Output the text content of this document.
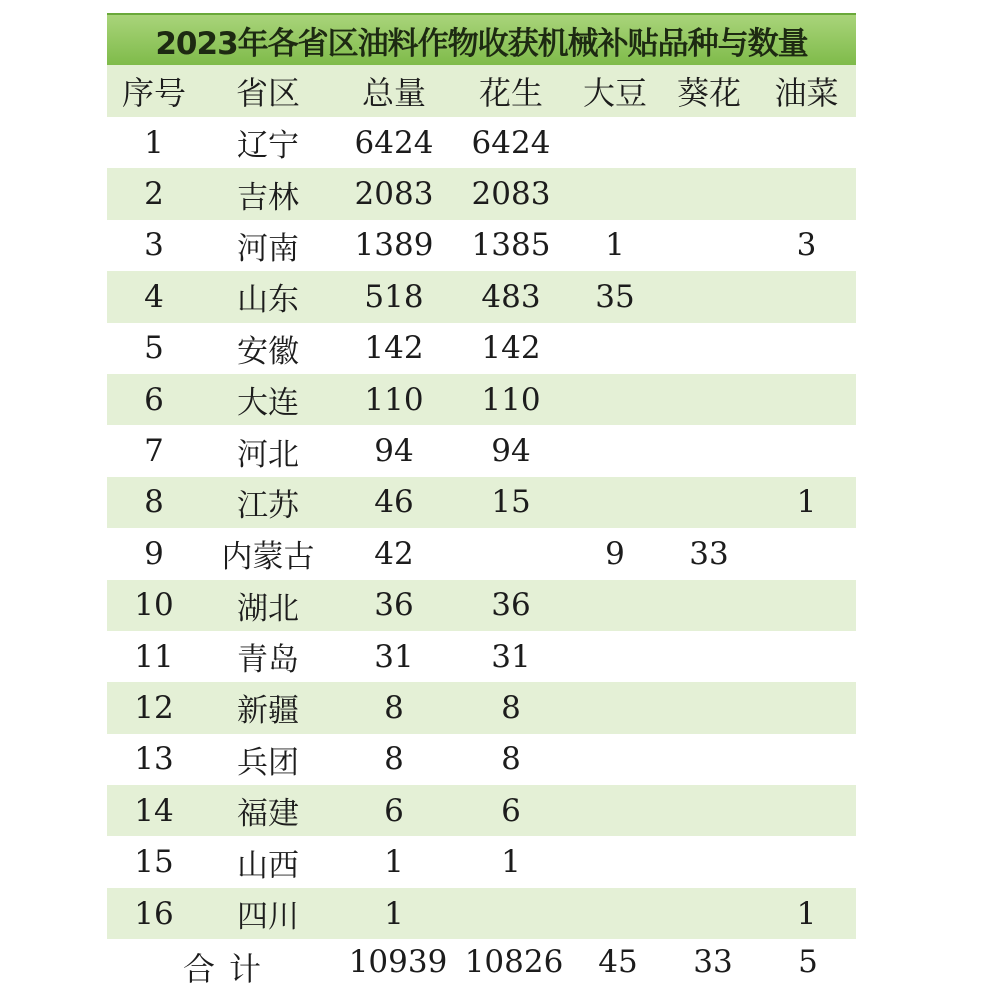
2023年各省区油料作物收获机械补贴品种与数量
序号	省区	总量	花生	大豆	葵花	油菜
1	辽宁	6424	6424			
2	吉林	2083	2083			
3	河南	1389	1385	1		3
4	山东	518	483	35		
5	安徽	142	142			
6	大连	110	110			
7	河北	94	94			
8	江苏	46	15			1
9	内蒙古	42		9	33	
10	湖北	36	36			
11	青岛	31	31			
12	新疆	8	8			
13	兵团	8	8			
14	福建	6	6			
15	山西	1	1			
16	四川	1				1
合计 10939 10826 45 33 5
